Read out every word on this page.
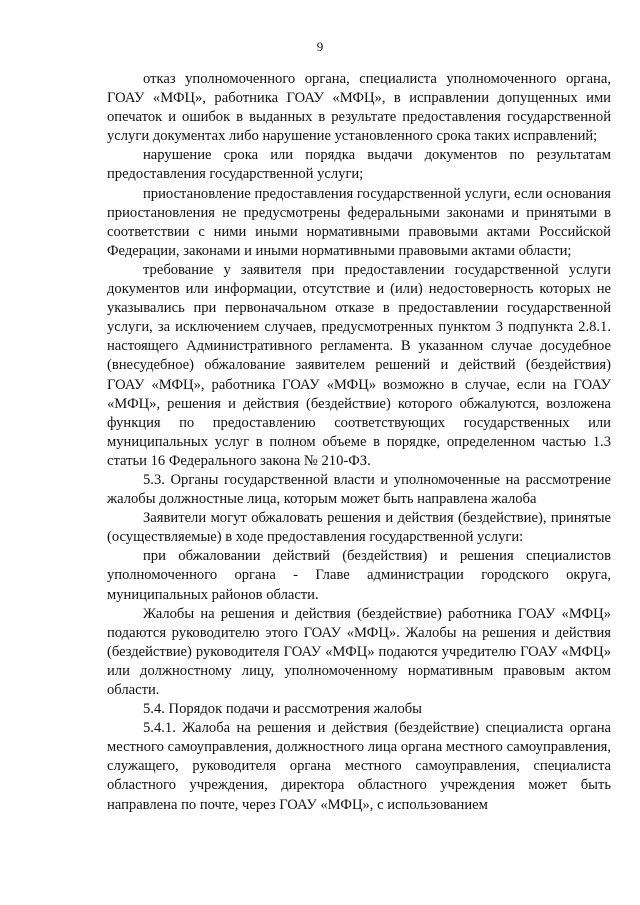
9

отказ уполномоченного органа, специалиста уполномоченного органа, ГОАУ «МФЦ», работника ГОАУ «МФЦ», в исправлении допущенных ими опечаток и ошибок в выданных в результате предоставления государственной услуги документах либо нарушение установленного срока таких исправлений;

нарушение срока или порядка выдачи документов по результатам предоставления государственной услуги;

приостановление предоставления государственной услуги, если основания приостановления не предусмотрены федеральными законами и принятыми в соответствии с ними иными нормативными правовыми актами Российской Федерации, законами и иными нормативными правовыми актами области;

требование у заявителя при предоставлении государственной услуги документов или информации, отсутствие и (или) недостоверность которых не указывались при первоначальном отказе в предоставлении государственной услуги, за исключением случаев, предусмотренных пунктом 3 подпункта 2.8.1. настоящего Административного регламента. В указанном случае досудебное (внесудебное) обжалование заявителем решений и действий (бездействия) ГОАУ «МФЦ», работника ГОАУ «МФЦ» возможно в случае, если на ГОАУ «МФЦ», решения и действия (бездействие) которого обжалуются, возложена функция по предоставлению соответствующих государственных или муниципальных услуг в полном объеме в порядке, определенном частью 1.3 статьи 16 Федерального закона № 210-ФЗ.

5.3. Органы государственной власти и уполномоченные на рассмотрение жалобы должностные лица, которым может быть направлена жалоба

Заявители могут обжаловать решения и действия (бездействие), принятые (осуществляемые) в ходе предоставления государственной услуги:

при обжаловании действий (бездействия) и решения специалистов уполномоченного органа - Главе администрации городского округа, муниципальных районов области.

Жалобы на решения и действия (бездействие) работника ГОАУ «МФЦ» подаются руководителю этого ГОАУ «МФЦ». Жалобы на решения и действия (бездействие) руководителя ГОАУ «МФЦ» подаются учредителю ГОАУ «МФЦ» или должностному лицу, уполномоченному нормативным правовым актом области.

5.4. Порядок подачи и рассмотрения жалобы

5.4.1. Жалоба на решения и действия (бездействие) специалиста органа местного самоуправления, должностного лица органа местного самоуправления, служащего, руководителя органа местного самоуправления, специалиста областного учреждения, директора областного учреждения может быть направлена по почте, через ГОАУ «МФЦ», с использованием
